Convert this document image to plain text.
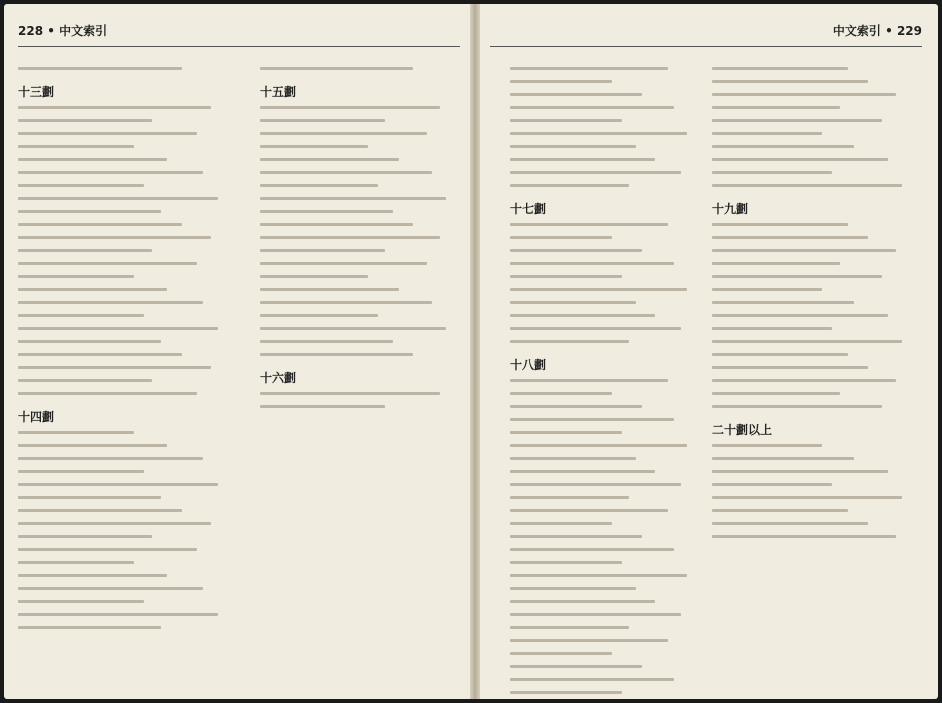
228 • 中文索引
十三劃
十四劃
十五劃
十六劃
中文索引 • 229
十七劃
十八劃
十九劃
二十劃以上
